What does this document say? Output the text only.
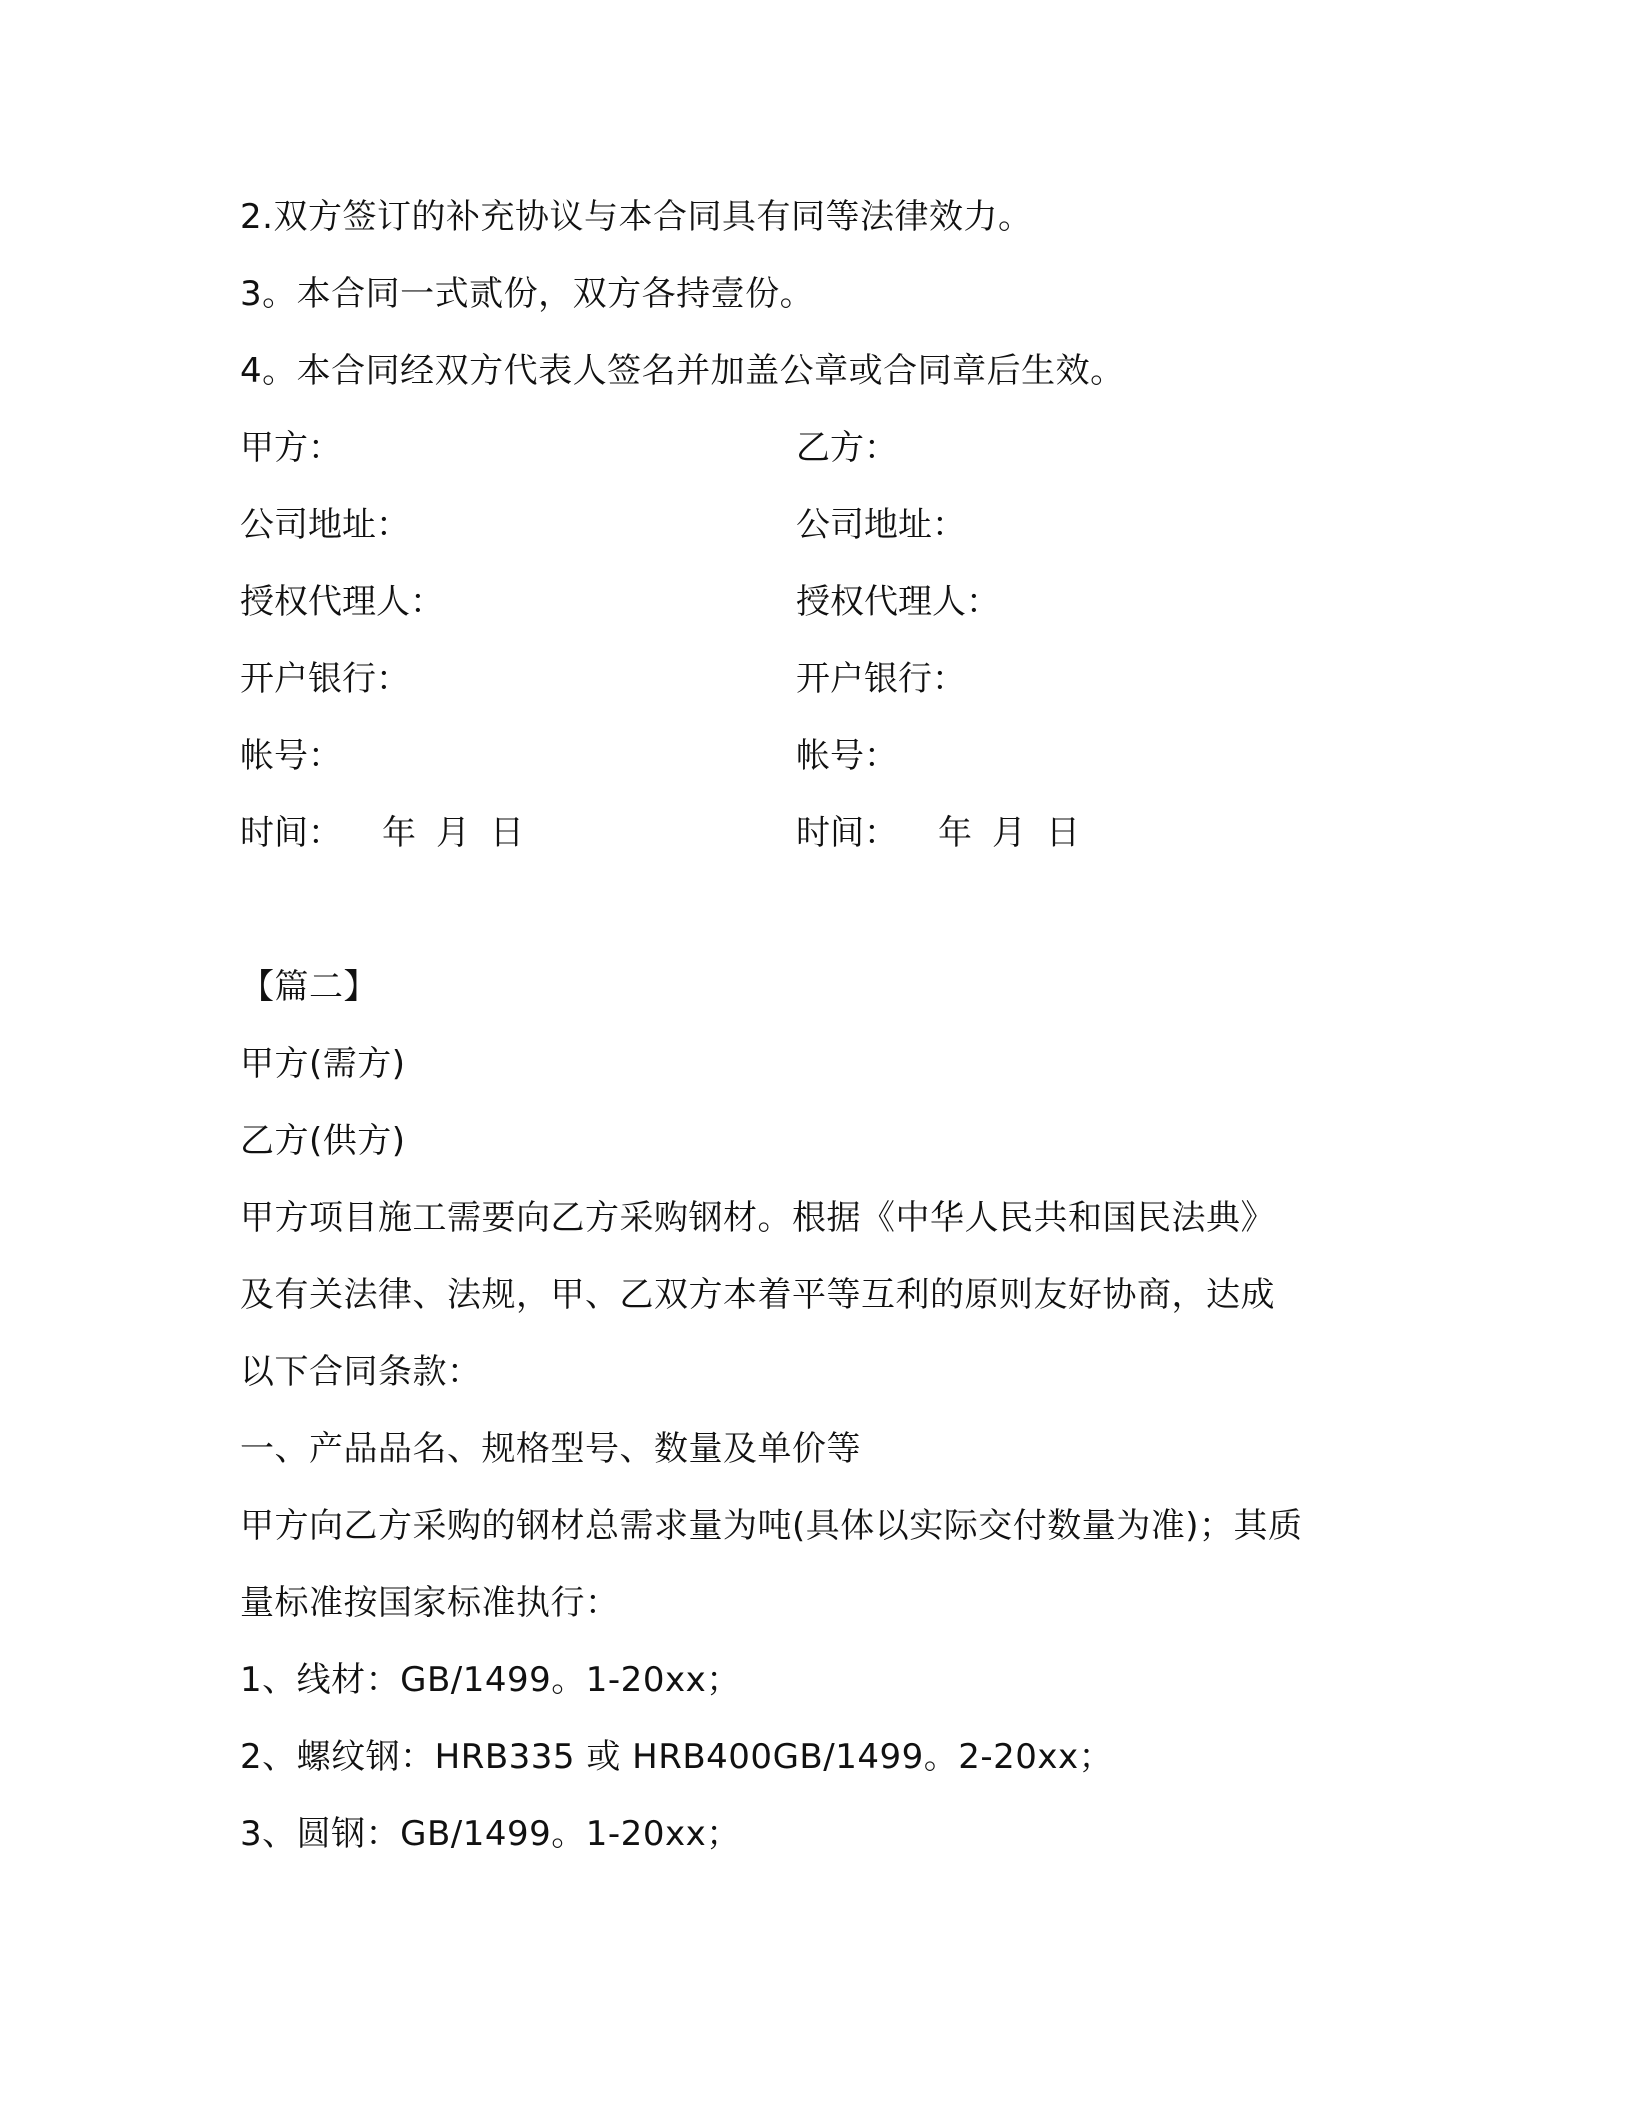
2.双方签订的补充协议与本合同具有同等法律效力。
3。本合同一式贰份，双方各持壹份。
4。本合同经双方代表人签名并加盖公章或合同章后生效。
甲方：	乙方：
公司地址：	公司地址：
授权代理人：	授权代理人：
开户银行：	开户银行：
帐号：	帐号：
时间： 年 月 日	时间： 年 月 日
【篇二】
甲方(需方)
乙方(供方)
甲方项目施工需要向乙方采购钢材。根据《中华人民共和国民法典》
及有关法律、法规，甲、乙双方本着平等互利的原则友好协商，达成
以下合同条款：
一、产品品名、规格型号、数量及单价等
甲方向乙方采购的钢材总需求量为吨(具体以实际交付数量为准)；其质
量标准按国家标准执行：
1、线材：GB/1499。1-20xx；
2、螺纹钢：HRB335 或 HRB400GB/1499。2-20xx；
3、圆钢：GB/1499。1-20xx；
